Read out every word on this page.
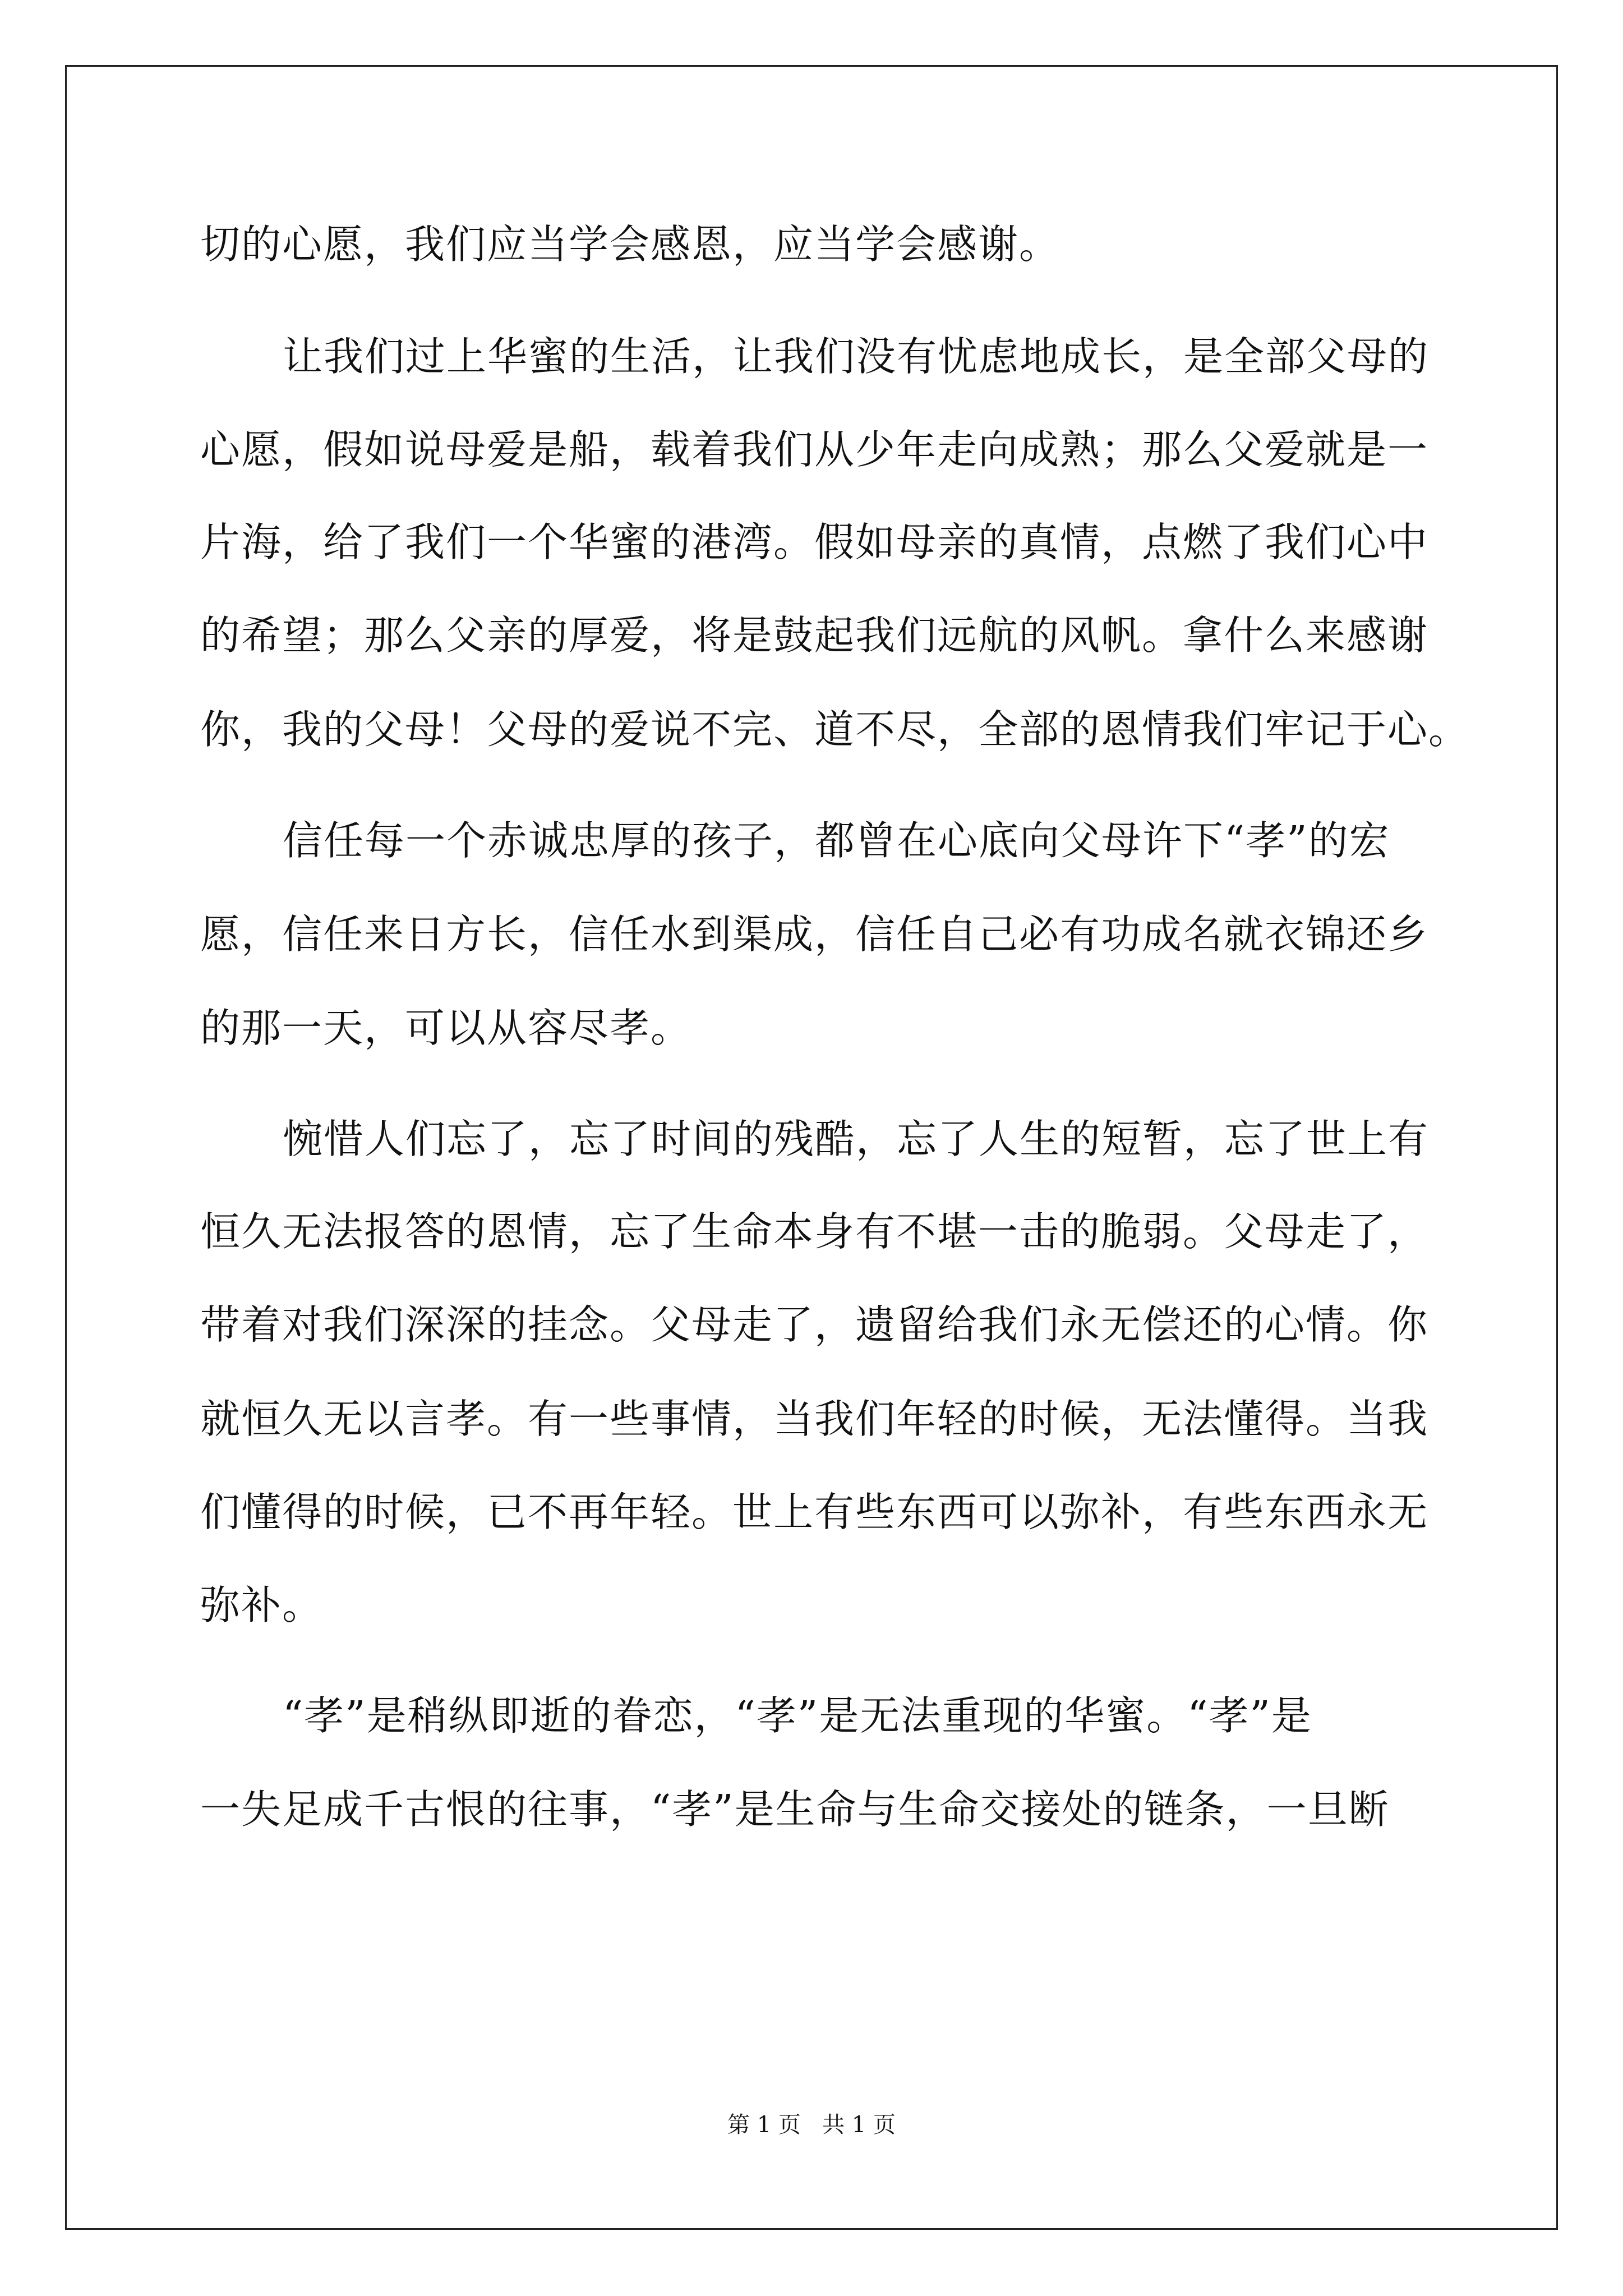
切的心愿，我们应当学会感恩，应当学会感谢。
让我们过上华蜜的生活，让我们没有忧虑地成长，是全部父母的
心愿，假如说母爱是船，载着我们从少年走向成熟；那么父爱就是一
片海，给了我们一个华蜜的港湾。假如母亲的真情，点燃了我们心中
的希望；那么父亲的厚爱，将是鼓起我们远航的风帆。拿什么来感谢
你，我的父母！父母的爱说不完、道不尽，全部的恩情我们牢记于心。
信任每一个赤诚忠厚的孩子，都曾在心底向父母许下“孝”的宏
愿，信任来日方长，信任水到渠成，信任自己必有功成名就衣锦还乡
的那一天，可以从容尽孝。
惋惜人们忘了，忘了时间的残酷，忘了人生的短暂，忘了世上有
恒久无法报答的恩情，忘了生命本身有不堪一击的脆弱。父母走了，
带着对我们深深的挂念。父母走了，遗留给我们永无偿还的心情。你
就恒久无以言孝。有一些事情，当我们年轻的时候，无法懂得。当我
们懂得的时候，已不再年轻。世上有些东西可以弥补，有些东西永无
弥补。
“孝”是稍纵即逝的眷恋，“孝”是无法重现的华蜜。“孝”是
一失足成千古恨的往事，“孝”是生命与生命交接处的链条，一旦断
第 1 页   共 1 页
